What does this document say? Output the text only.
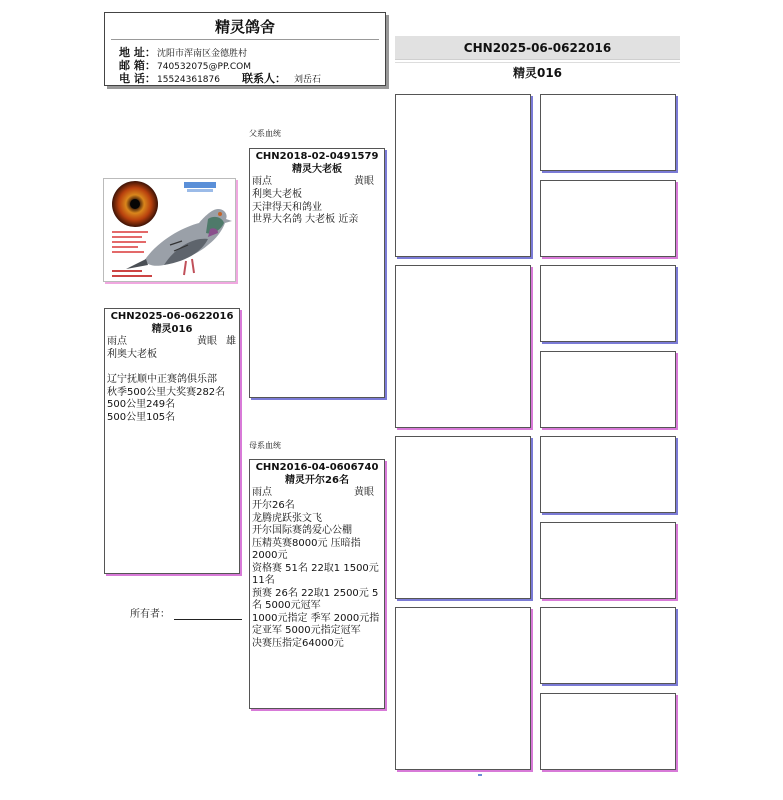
精灵鸽舍
地 址：沈阳市浑南区金德胜村
邮 箱：740532075@PP.COM
电 话：15524361876 联系人： 刘岳石
CHN2025-06-0622016
精灵016
CHN2025-06-0622016
精灵016
雨点	黄眼 雄
利奥大老板
辽宁抚顺中正赛鸽俱乐部
秋季500公里大奖赛282名
500公里249名
500公里105名
所有者：
父系血统
CHN2018-02-0491579
精灵大老板
雨点	黄眼
利奥大老板
天津得天和鸽业
世界大名鸽 大老板 近亲
母系血统
CHN2016-04-0606740
精灵开尔26名
雨点	黄眼
开尔26名
龙腾虎跃张文飞
开尔国际赛鸽爱心公棚
压精英赛8000元 压暗指 2000元
资格赛 51名 22取1 1500元 11名
预赛 26名 22取1 2500元 5名 5000元冠军
1000元指定 季军 2000元指定亚军 5000元指定冠军
决赛压指定64000元
